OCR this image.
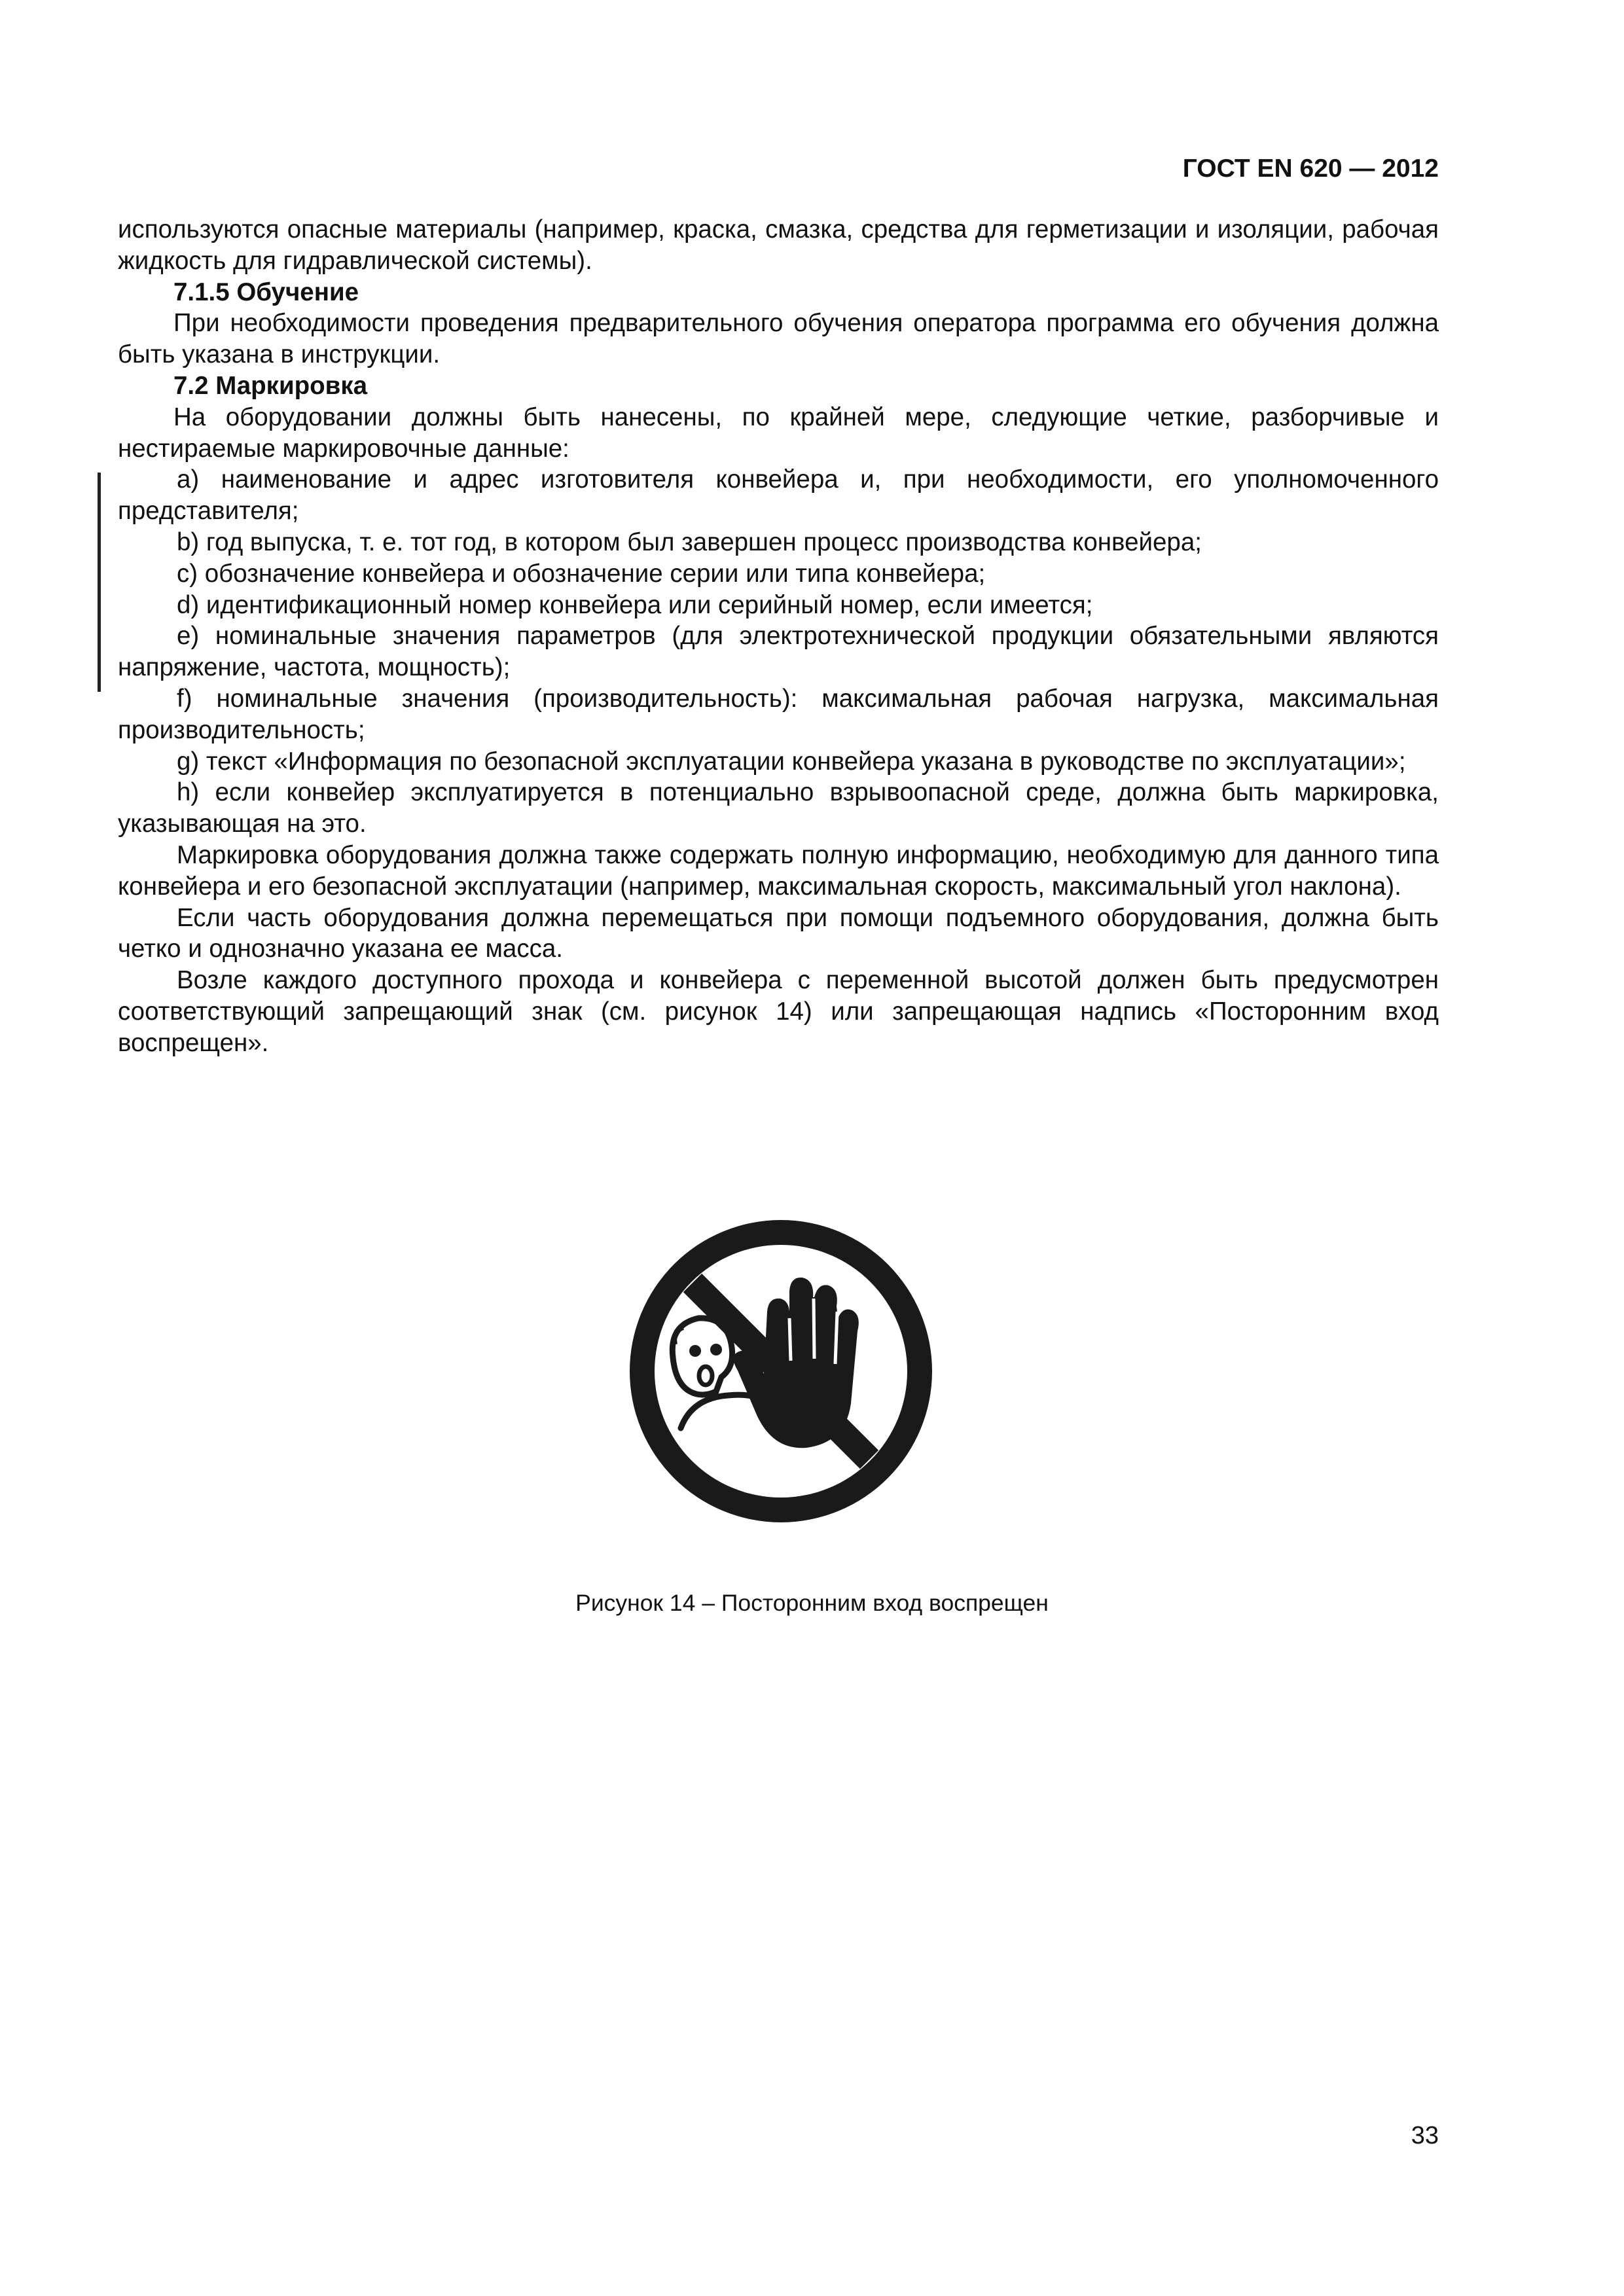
ГОСТ EN 620 — 2012

используются опасные материалы (например, краска, смазка, средства для герметизации и изоляции, рабочая жидкость для гидравлической системы).

7.1.5 Обучение

При необходимости проведения предварительного обучения оператора программа его обучения должна быть указана в инструкции.

7.2 Маркировка

На оборудовании должны быть нанесены, по крайней мере, следующие четкие, разборчивые и нестираемые маркировочные данные:

a) наименование и адрес изготовителя конвейера и, при необходимости, его уполномоченного представителя;

b) год выпуска, т. е. тот год, в котором был завершен процесс производства конвейера;

c) обозначение конвейера и обозначение серии или типа конвейера;

d) идентификационный номер конвейера или серийный номер, если имеется;

e) номинальные значения параметров (для электротехнической продукции обязательными являются напряжение, частота, мощность);

f) номинальные значения (производительность): максимальная рабочая нагрузка, максимальная производительность;

g) текст «Информация по безопасной эксплуатации конвейера указана в руководстве по эксплуатации»;

h) если конвейер эксплуатируется в потенциально взрывоопасной среде, должна быть маркировка, указывающая на это.

Маркировка оборудования должна также содержать полную информацию, необходимую для данного типа конвейера и его безопасной эксплуатации (например, максимальная скорость, максимальный угол наклона).

Если часть оборудования должна перемещаться при помощи подъемного оборудования, должна быть четко и однозначно указана ее масса.

Возле каждого доступного прохода и конвейера с переменной высотой должен быть предусмотрен соответствующий запрещающий знак (см. рисунок 14) или запрещающая надпись «Посторонним вход воспрещен».

Рисунок 14 – Посторонним вход воспрещен
33
